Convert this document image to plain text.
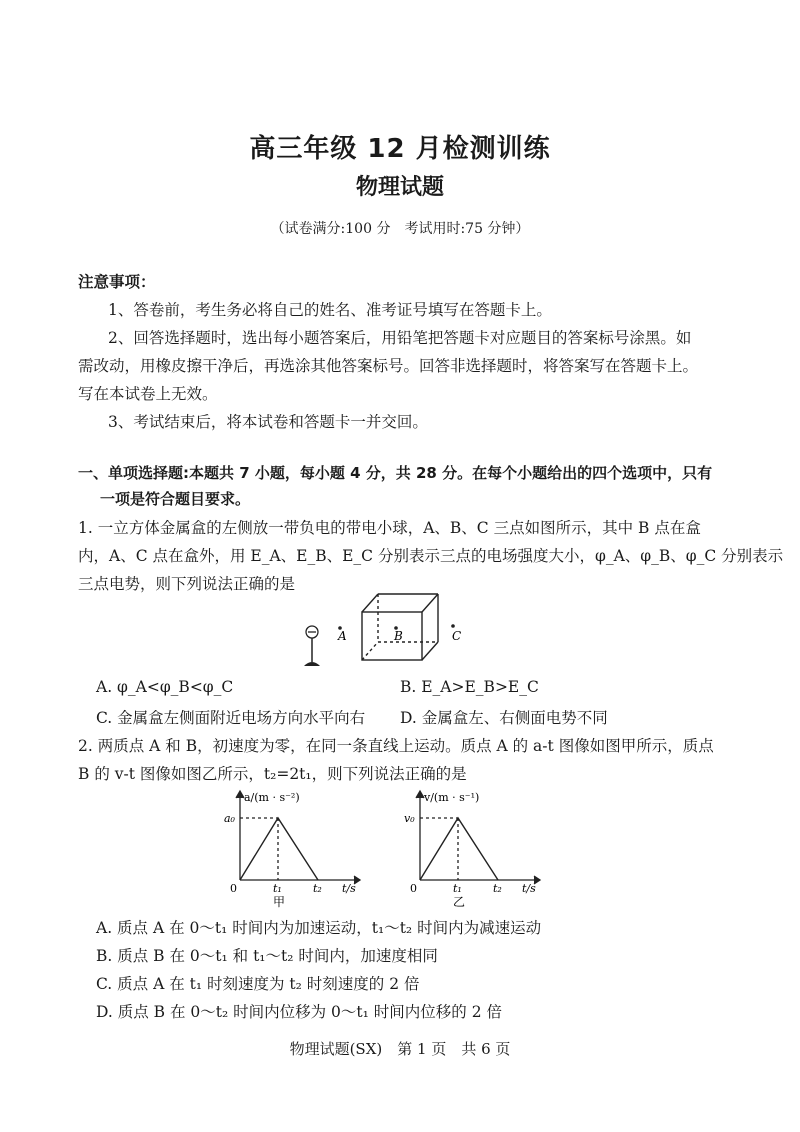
高三年级 12 月检测训练
物理试题
（试卷满分:100 分　考试用时:75 分钟）
注意事项：
1、答卷前，考生务必将自己的姓名、准考证号填写在答题卡上。
2、回答选择题时，选出每小题答案后，用铅笔把答题卡对应题目的答案标号涂黑。如
需改动，用橡皮擦干净后，再选涂其他答案标号。回答非选择题时，将答案写在答题卡上。
写在本试卷上无效。
3、考试结束后，将本试卷和答题卡一并交回。
一、单项选择题:本题共 7 小题，每小题 4 分，共 28 分。在每个小题给出的四个选项中，只有
一项是符合题目要求。
1. 一立方体金属盒的左侧放一带负电的带电小球，A、B、C 三点如图所示，其中 B 点在盒
内，A、C 点在盒外，用 E_A、E_B、E_C 分别表示三点的电场强度大小，φ_A、φ_B、φ_C 分别表示
三点电势，则下列说法正确的是
A	B	C
A. φ_A<φ_B<φ_C	B. E_A>E_B>E_C
C. 金属盒左侧面附近电场方向水平向右 D. 金属盒左、右侧面电势不同
2. 两质点 A 和 B，初速度为零，在同一条直线上运动。质点 A 的 a-t 图像如图甲所示，质点
B 的 v-t 图像如图乙所示，t₂=2t₁，则下列说法正确的是
a/(m · s⁻²)
a₀
0	t₁	t₂ t/s
甲
v/(m · s⁻¹)
v₀
0	t₁	t₂ t/s
乙
A. 质点 A 在 0～t₁ 时间内为加速运动，t₁～t₂ 时间内为减速运动
B. 质点 B 在 0～t₁ 和 t₁～t₂ 时间内，加速度相同
C. 质点 A 在 t₁ 时刻速度为 t₂ 时刻速度的 2 倍
D. 质点 B 在 0～t₂ 时间内位移为 0～t₁ 时间内位移的 2 倍
物理试题(SX)　第 1 页　共 6 页
